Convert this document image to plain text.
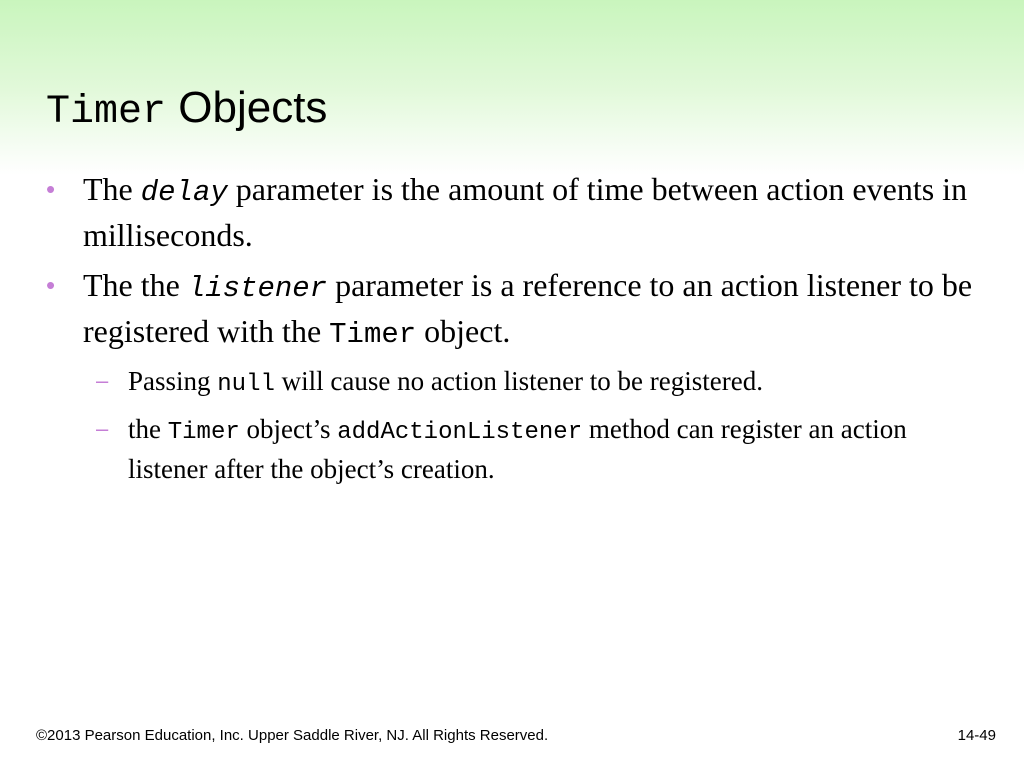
Timer Objects
• The delay parameter is the amount of time between action events in milliseconds.
• The the listener parameter is a reference to an action listener to be registered with the Timer object.
– Passing null will cause no action listener to be registered.
– the Timer object’s addActionListener method can register an action listener after the object’s creation.
©2013 Pearson Education, Inc. Upper Saddle River, NJ. All Rights Reserved.	14-49
